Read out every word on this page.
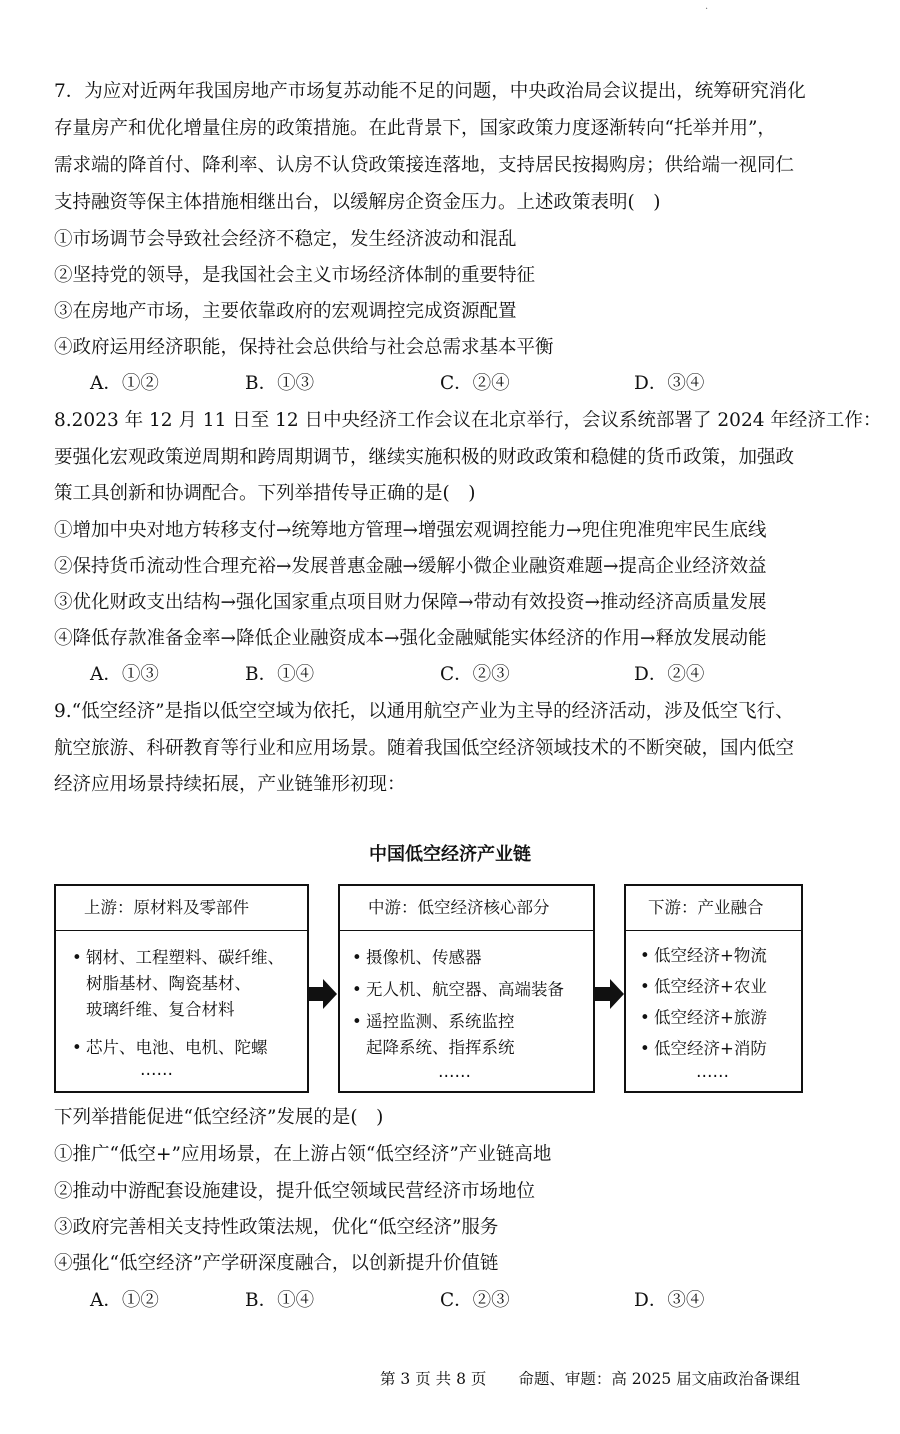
·
7．为应对近两年我国房地产市场复苏动能不足的问题，中央政治局会议提出，统筹研究消化
存量房产和优化增量住房的政策措施。在此背景下，国家政策力度逐渐转向“托举并用”，
需求端的降首付、降利率、认房不认贷政策接连落地，支持居民按揭购房；供给端一视同仁
支持融资等保主体措施相继出台，以缓解房企资金压力。上述政策表明(　)
①市场调节会导致社会经济不稳定，发生经济波动和混乱
②坚持党的领导，是我国社会主义市场经济体制的重要特征
③在房地产市场，主要依靠政府的宏观调控完成资源配置
④政府运用经济职能，保持社会总供给与社会总需求基本平衡
A．①②	B．①③	C．②④	D．③④
8.2023 年 12 月 11 日至 12 日中央经济工作会议在北京举行，会议系统部署了 2024 年经济工作：
要强化宏观政策逆周期和跨周期调节，继续实施积极的财政政策和稳健的货币政策，加强政
策工具创新和协调配合。下列举措传导正确的是(　)
①增加中央对地方转移支付→统筹地方管理→增强宏观调控能力→兜住兜准兜牢民生底线
②保持货币流动性合理充裕→发展普惠金融→缓解小微企业融资难题→提高企业经济效益
③优化财政支出结构→强化国家重点项目财力保障→带动有效投资→推动经济高质量发展
④降低存款准备金率→降低企业融资成本→强化金融赋能实体经济的作用→释放发展动能
A．①③	B．①④	C．②③	D．②④
9.“低空经济”是指以低空空域为依托，以通用航空产业为主导的经济活动，涉及低空飞行、
航空旅游、科研教育等行业和应用场景。随着我国低空经济领域技术的不断突破，国内低空
经济应用场景持续拓展，产业链雏形初现：
中国低空经济产业链
上游：原材料及零部件
• 钢材、工程塑料、碳纤维、
树脂基材、陶瓷基材、
玻璃纤维、复合材料
• 芯片、电池、电机、陀螺
……
中游：低空经济核心部分
• 摄像机、传感器
• 无人机、航空器、高端装备
• 遥控监测、系统监控
起降系统、指挥系统
……
下游：产业融合
• 低空经济+物流
• 低空经济+农业
• 低空经济+旅游
• 低空经济+消防
……
下列举措能促进“低空经济”发展的是(　)
①推广“低空+”应用场景，在上游占领“低空经济”产业链高地
②推动中游配套设施建设，提升低空领域民营经济市场地位
③政府完善相关支持性政策法规，优化“低空经济”服务
④强化“低空经济”产学研深度融合，以创新提升价值链
A．①②	B．①④	C．②③	D．③④
第 3 页 共 8 页 命题、审题：高 2025 届文庙政治备课组
